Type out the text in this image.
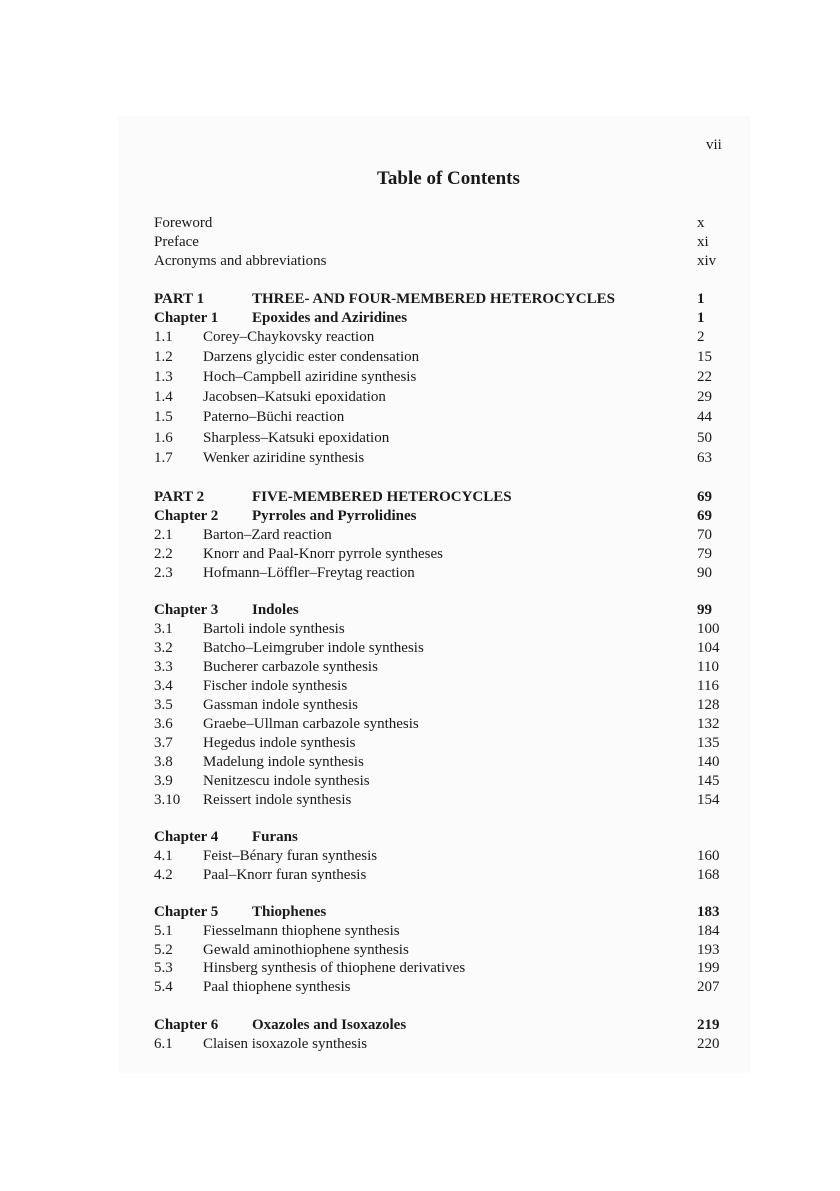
vii
Table of Contents
Foreword	x
Preface	xi
Acronyms and abbreviations	xiv
PART 1	THREE- AND FOUR-MEMBERED HETEROCYCLES	1
Chapter 1 Epoxides and Aziridines	1
1.1 Corey–Chaykovsky reaction	2
1.2 Darzens glycidic ester condensation	15
1.3 Hoch–Campbell aziridine synthesis	22
1.4 Jacobsen–Katsuki epoxidation	29
1.5 Paterno–Büchi reaction	44
1.6 Sharpless–Katsuki epoxidation	50
1.7 Wenker aziridine synthesis	63
PART 2	FIVE-MEMBERED HETEROCYCLES	69
Chapter 2 Pyrroles and Pyrrolidines	69
2.1 Barton–Zard reaction	70
2.2 Knorr and Paal-Knorr pyrrole syntheses	79
2.3 Hofmann–Löffler–Freytag reaction	90
Chapter 3 Indoles	99
3.1 Bartoli indole synthesis	100
3.2 Batcho–Leimgruber indole synthesis	104
3.3 Bucherer carbazole synthesis	110
3.4 Fischer indole synthesis	116
3.5 Gassman indole synthesis	128
3.6 Graebe–Ullman carbazole synthesis	132
3.7 Hegedus indole synthesis	135
3.8 Madelung indole synthesis	140
3.9 Nenitzescu indole synthesis	145
3.10 Reissert indole synthesis	154
Chapter 4 Furans
4.1 Feist–Bénary furan synthesis	160
4.2 Paal–Knorr furan synthesis	168
Chapter 5 Thiophenes	183
5.1 Fiesselmann thiophene synthesis	184
5.2 Gewald aminothiophene synthesis	193
5.3 Hinsberg synthesis of thiophene derivatives	199
5.4 Paal thiophene synthesis	207
Chapter 6 Oxazoles and Isoxazoles	219
6.1 Claisen isoxazole synthesis	220
